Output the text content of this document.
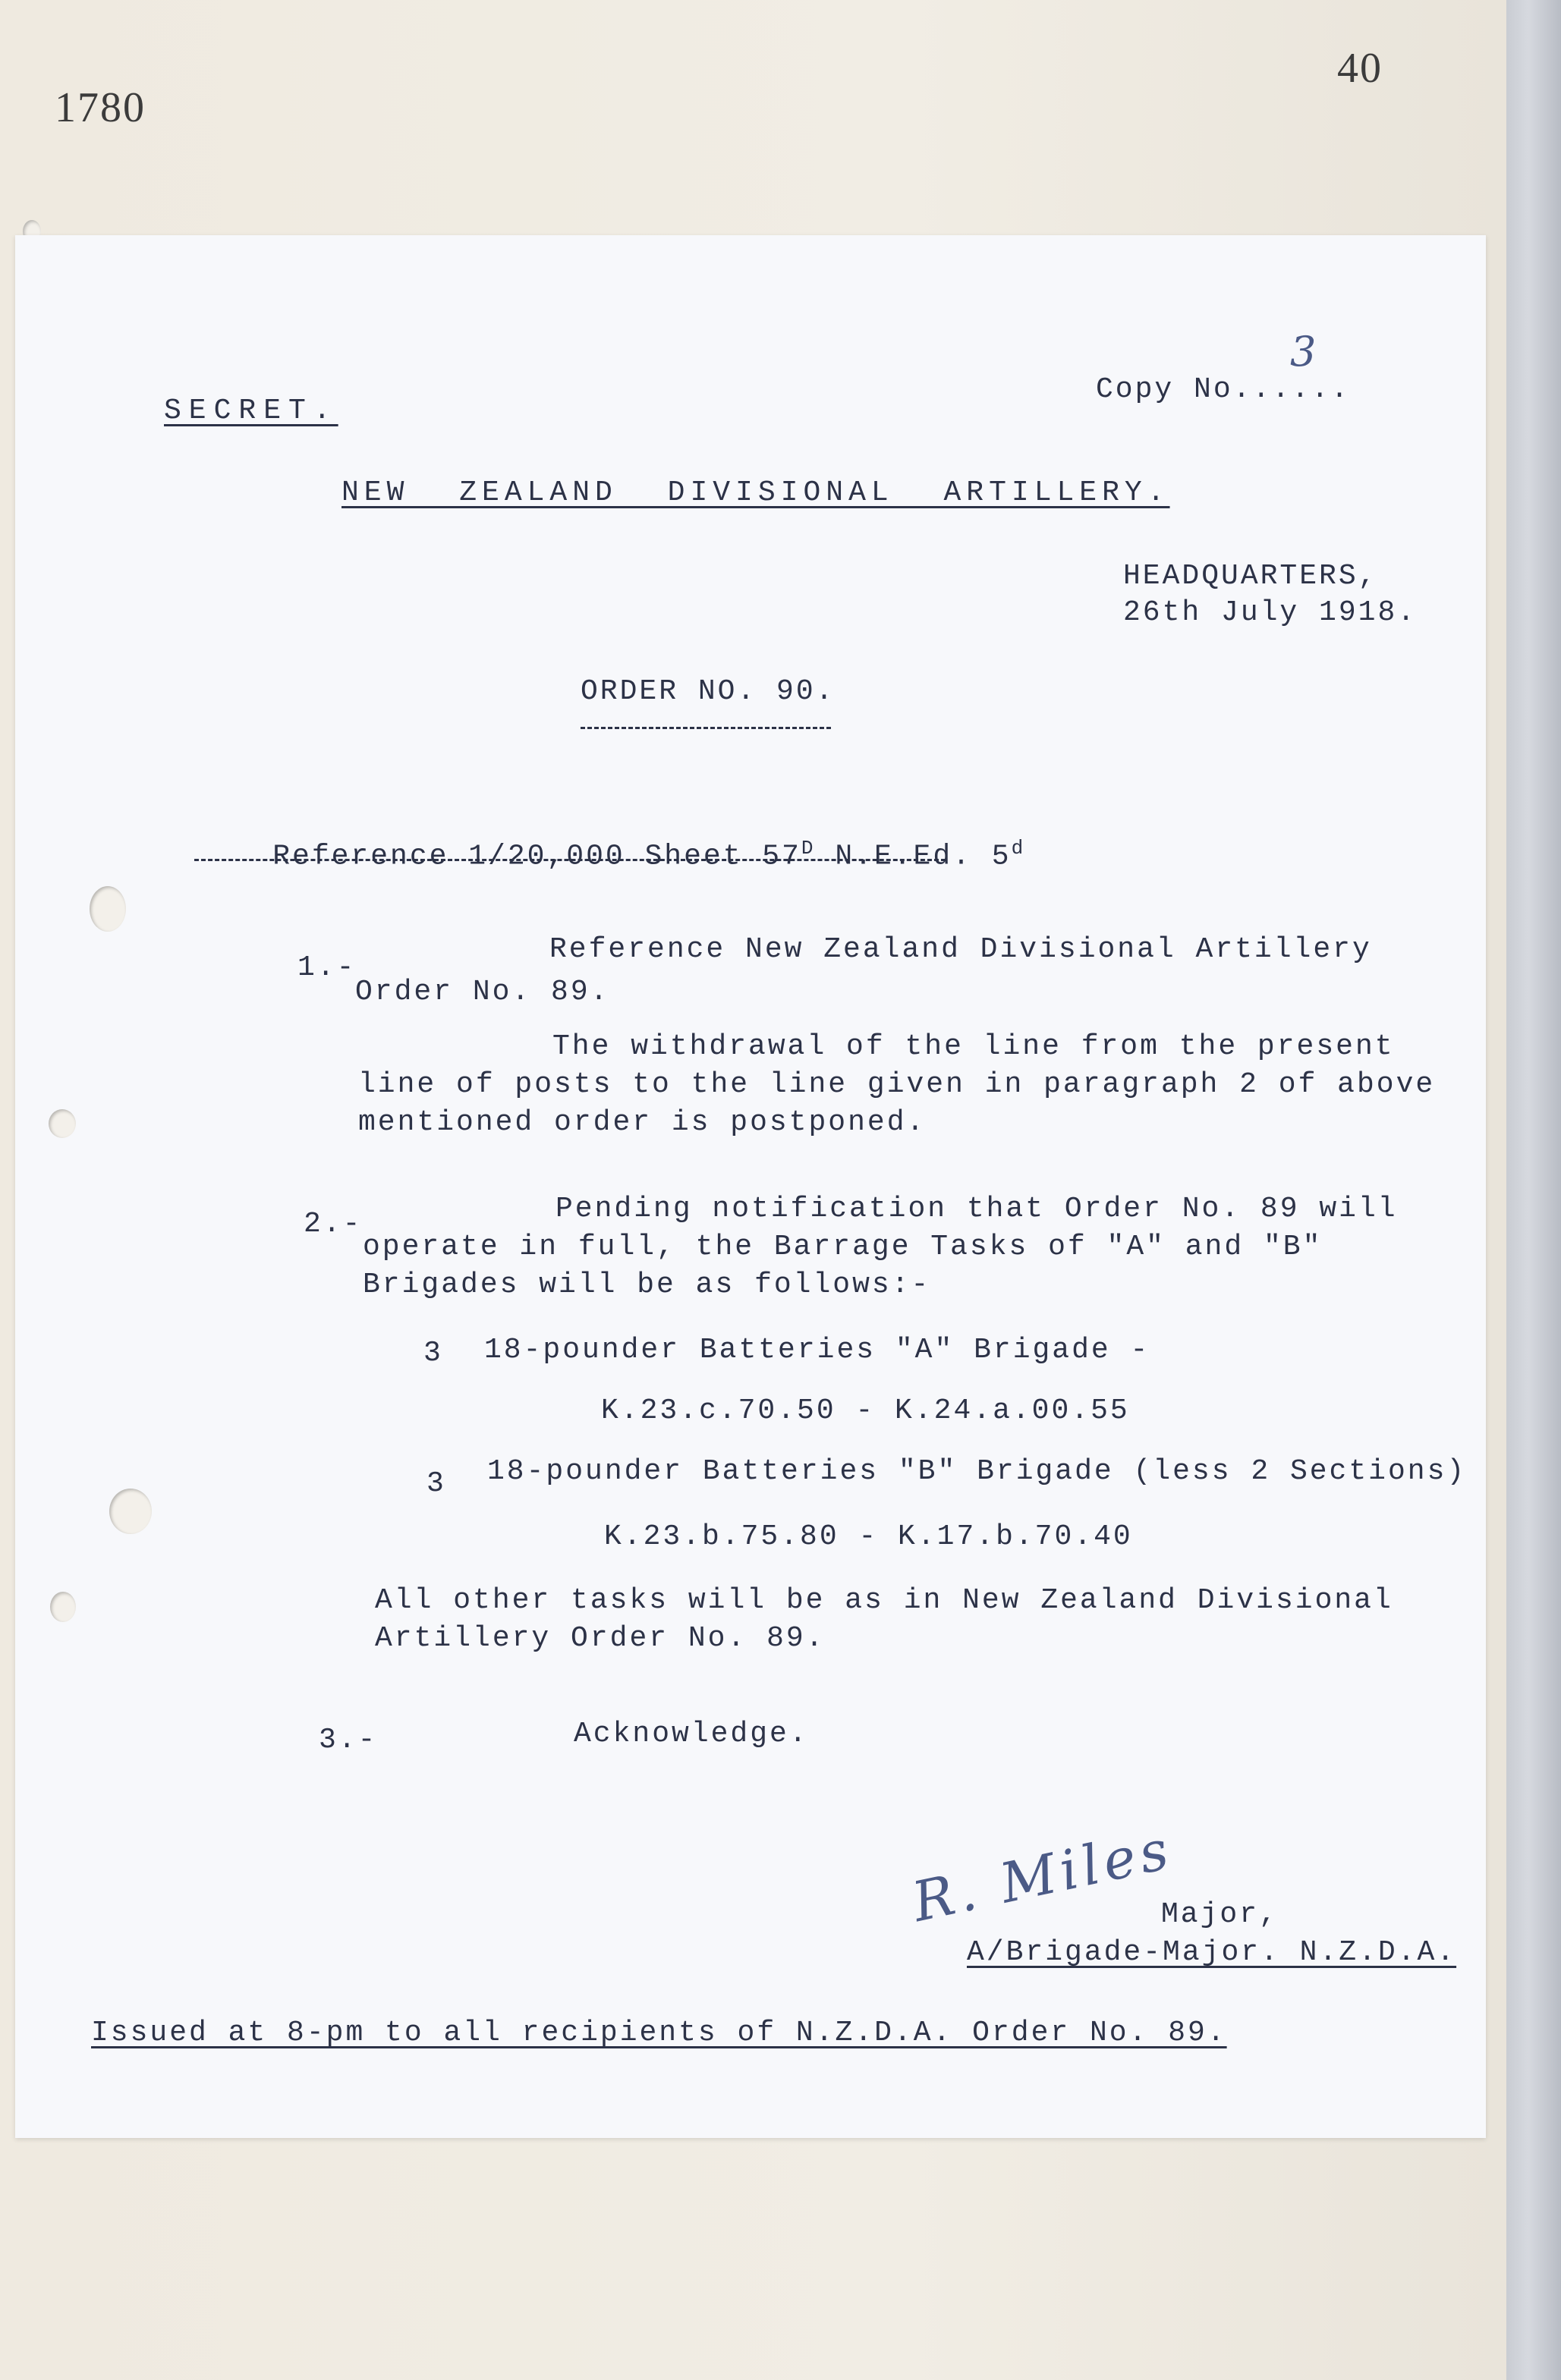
1780
40
SECRET.
Copy No......
3
NEW ZEALAND DIVISIONAL ARTILLERY.
HEADQUARTERS,
26th July 1918.
ORDER NO. 90.

Reference 1/20,000 Sheet $57^D$ N.E.Ed. 5$^d$

1.-
Reference New Zealand Divisional Artillery
Order No. 89.
The withdrawal of the line from the present
line of posts to the line given in paragraph 2 of above
mentioned order is postponed.
2.-	Pending notification that Order No. 89 will
operate in full, the Barrage Tasks of "A" and "B"
Brigades will be as follows:-
3 18-pounder Batteries "A" Brigade -
K.23.c.70.50 - K.24.a.00.55
3 18-pounder Batteries "B" Brigade (less 2 Sections)
K.23.b.75.80 - K.17.b.70.40
All other tasks will be as in New Zealand Divisional
Artillery Order No. 89.
3.-	Acknowledge.
R. Miles
Major,
A/Brigade-Major. N.Z.D.A.
Issued at 8-pm to all recipients of N.Z.D.A. Order No. 89.
